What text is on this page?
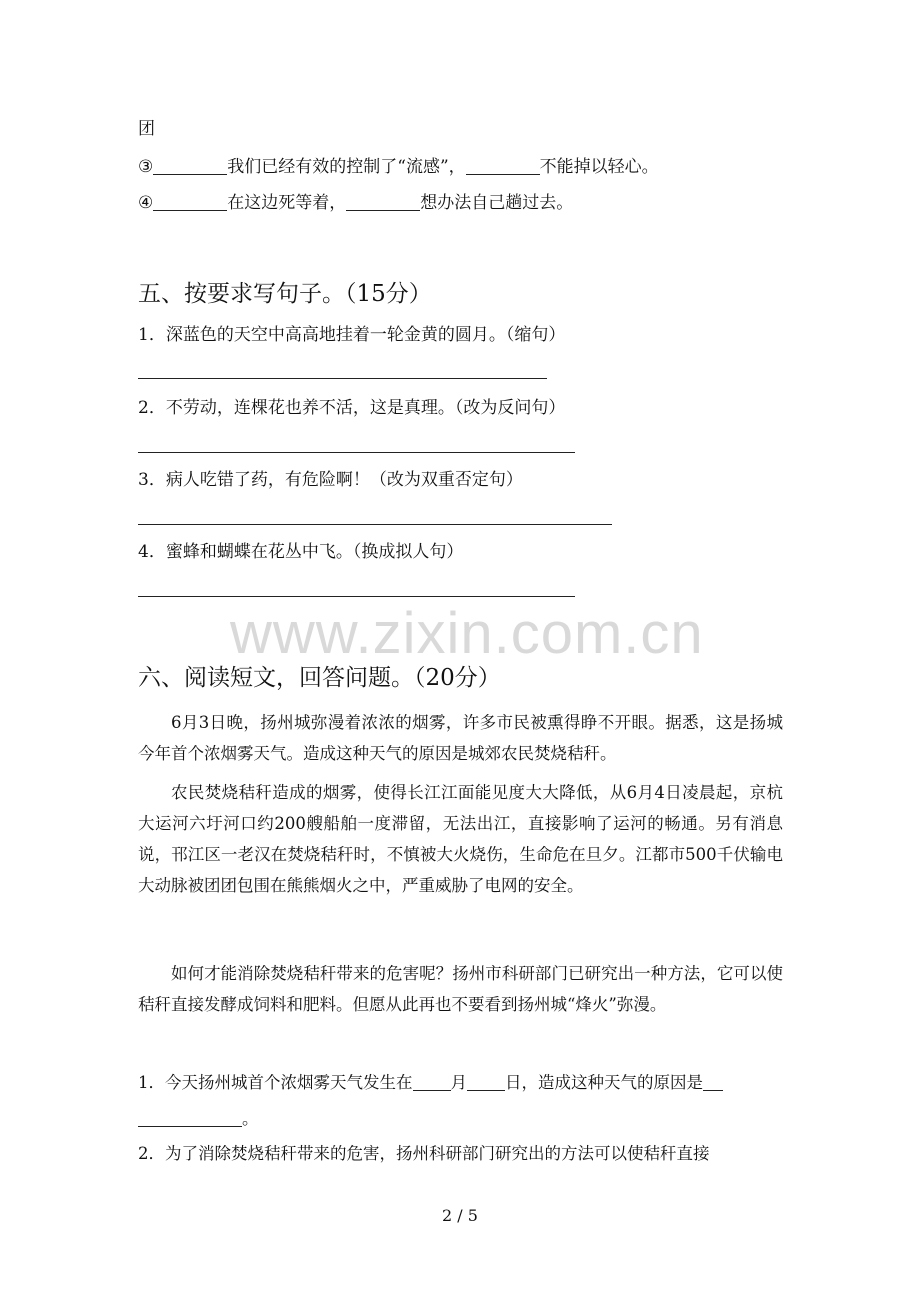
团
③	我们已经有效的控制了“流感”，	不能掉以轻心。
④	在这边死等着，	想办法自己趟过去。
五、按要求写句子。（15分）
1．深蓝色的天空中高高地挂着一轮金黄的圆月。（缩句）
2．不劳动，连棵花也养不活，这是真理。（改为反问句）
3．病人吃错了药，有危险啊！（改为双重否定句）
4．蜜蜂和蝴蝶在花丛中飞。（换成拟人句）
www.zixin.com.cn
六、阅读短文，回答问题。（20分）

6月3日晚，扬州城弥漫着浓浓的烟雾，许多市民被熏得睁不开眼。据悉，这是扬城今年首个浓烟雾天气。造成这种天气的原因是城郊农民焚烧秸秆。

农民焚烧秸秆造成的烟雾，使得长江江面能见度大大降低，从6月4日凌晨起，京杭大运河六圩河口约200艘船舶一度滞留，无法出江，直接影响了运河的畅通。另有消息说，邗江区一老汉在焚烧秸秆时，不慎被大火烧伤，生命危在旦夕。江都市500千伏输电大动脉被团团包围在熊熊烟火之中，严重威胁了电网的安全。

如何才能消除焚烧秸秆带来的危害呢？扬州市科研部门已研究出一种方法，它可以使秸秆直接发酵成饲料和肥料。但愿从此再也不要看到扬州城“烽火”弥漫。

1．今天扬州城首个浓烟雾天气发生在 月 日，造成这种天气的原因是
。
2．为了消除焚烧秸秆带来的危害，扬州科研部门研究出的方法可以使秸秆直接
2 / 5
